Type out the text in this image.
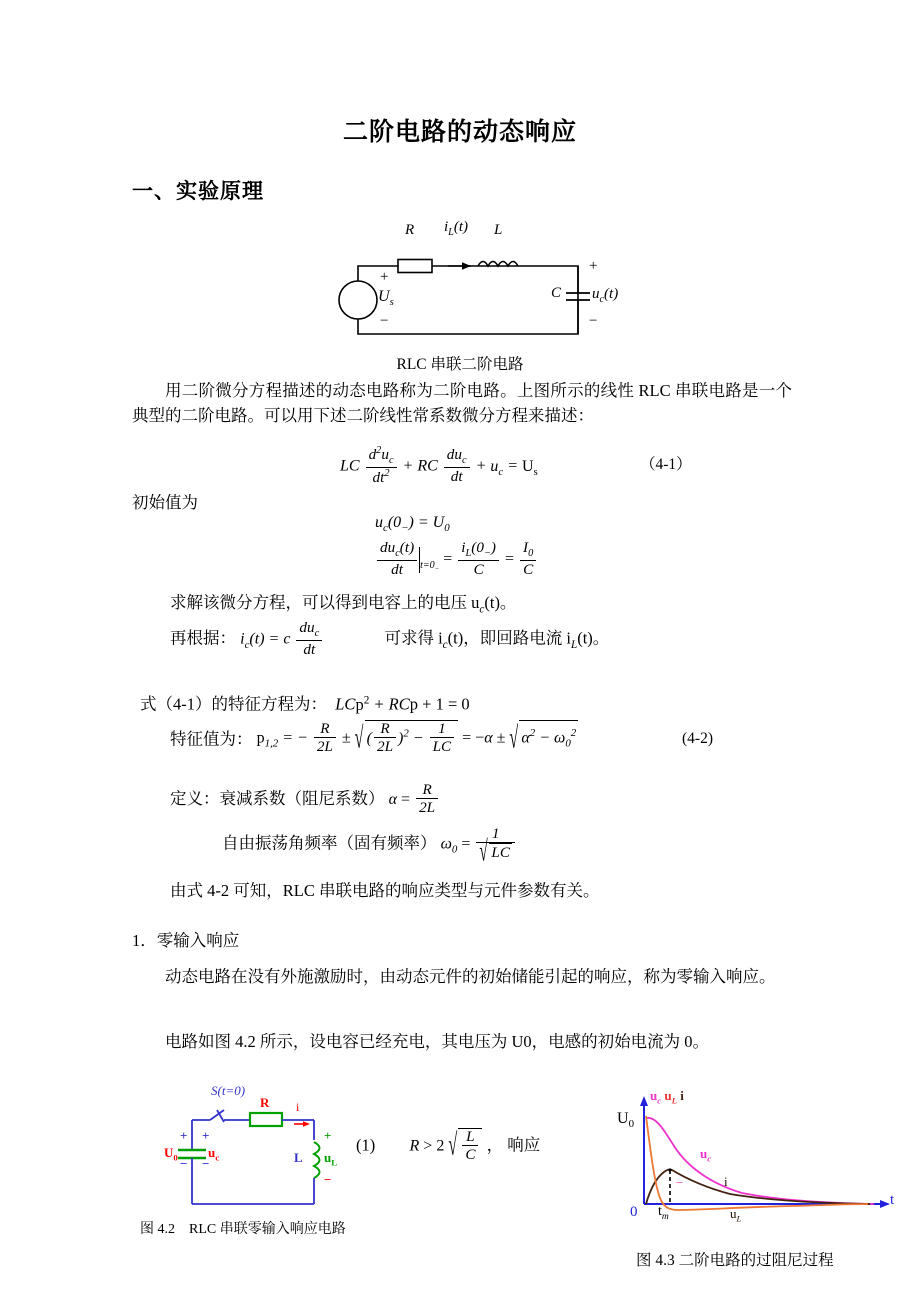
二阶电路的动态响应
一、实验原理
R $i_L(t)$ L
C $u_c(t)$
$U_s$
+
−
+
−
RLC 串联二阶电路
用二阶微分方程描述的动态电路称为二阶电路。上图所示的线性 RLC 串联电路是一个典型的二阶电路。可以用下述二阶线性常系数微分方程来描述：
LC $\frac{d^2u_c}{dt^2}$ + RC $\frac{du_c}{dt} + u_c = U_s$	（4-1）
初始值为
$u_c(0_-) = U_0$
$\frac{du_c(t)}{dt} _{t=0_-} = \frac{i_L(0_-)}{C} = \frac{I_0}{C}$
求解该微分方程，可以得到电容上的电压 $u_c(t)$。
再根据： $i_c(t) = c \frac{du_c}{dt}$	可求得 $i_c(t)$，即回路电流 $i_L(t)$。
式（4-1）的特征方程为：  LCp$^2$ + RCp + 1 = 0
特征值为： $p_{1,2}$ = − $\frac{R}{2L}$ ± √ ( $\frac{R}{2L} )^2 - \frac{1}{LC} = -\alpha$ ± √ $\alpha^2 - \omega_0^2$	(4-2)
定义：衰减系数（阻尼系数） $\alpha = \frac{R}{2L}$
自由振荡角频率（固有频率） $\omega_0 = 1$
√ LC
由式 4-2 可知，RLC 串联电路的响应类型与元件参数有关。
1．零输入响应
动态电路在没有外施激励时，由动态元件的初始储能引起的响应，称为零输入响应。
电路如图 4.2 所示，设电容已经充电，其电压为 U0，电感的初始电流为 0。
S(t=0)
R i
$U_0$ $u_c$
+
−
+
−	L $u_L$
+
−
图 4.2　RLC 串联零输入响应电路
(1) R > 2 √ $\frac{L}{C}$ ， 响应
$U_0$
$u_c$ $u_L$ i
$u_c$
i
$u_L$
0 $t_m$
t
−
图 4.3 二阶电路的过阻尼过程
